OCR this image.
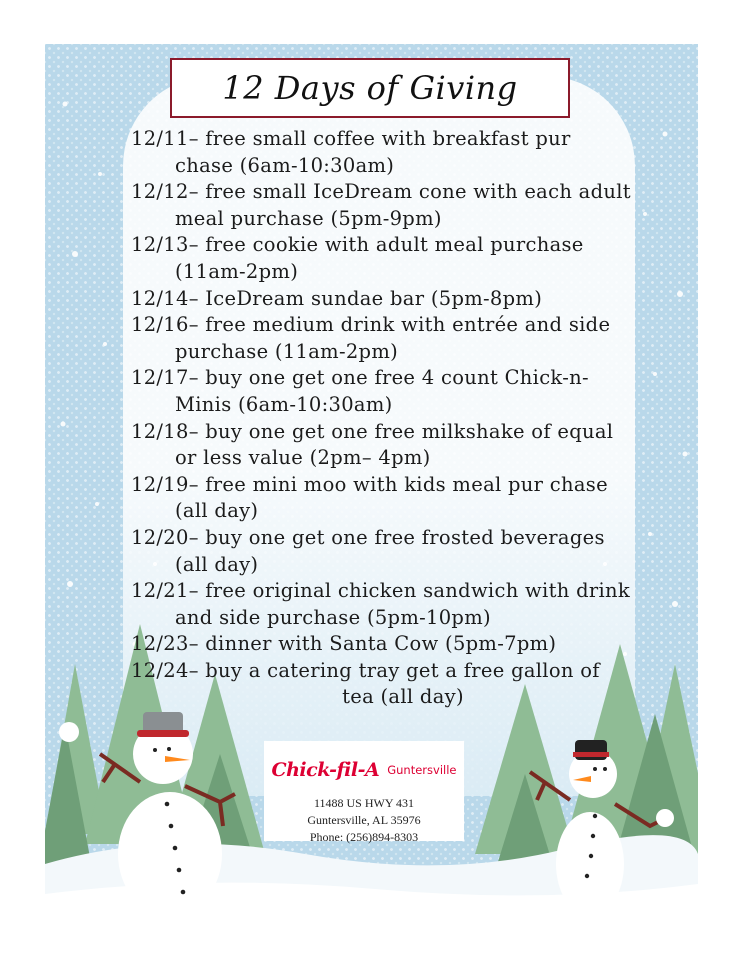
12 Days of Giving
12/11– free small coffee with breakfast pur chase (6am-10:30am)
12/12– free small IceDream cone with each adult meal purchase (5pm-9pm)
12/13– free cookie with adult meal purchase (11am-2pm)
12/14– IceDream sundae bar (5pm-8pm)
12/16– free medium drink with entrée and side purchase (11am-2pm)
12/17– buy one get one free 4 count Chick-n-Minis (6am-10:30am)
12/18– buy one get one free milkshake of equal or less value (2pm– 4pm)
12/19– free mini moo with kids meal pur chase (all day)
12/20– buy one get one free frosted beverages (all day)
12/21– free original chicken sandwich with drink and side purchase (5pm-10pm)
12/23– dinner with Santa Cow (5pm-7pm)
12/24– buy a catering tray get a free gallon of
tea (all day)
Chick-fil-A Guntersville
11488 US HWY 431
Guntersville, AL 35976
Phone: (256)894-8303
